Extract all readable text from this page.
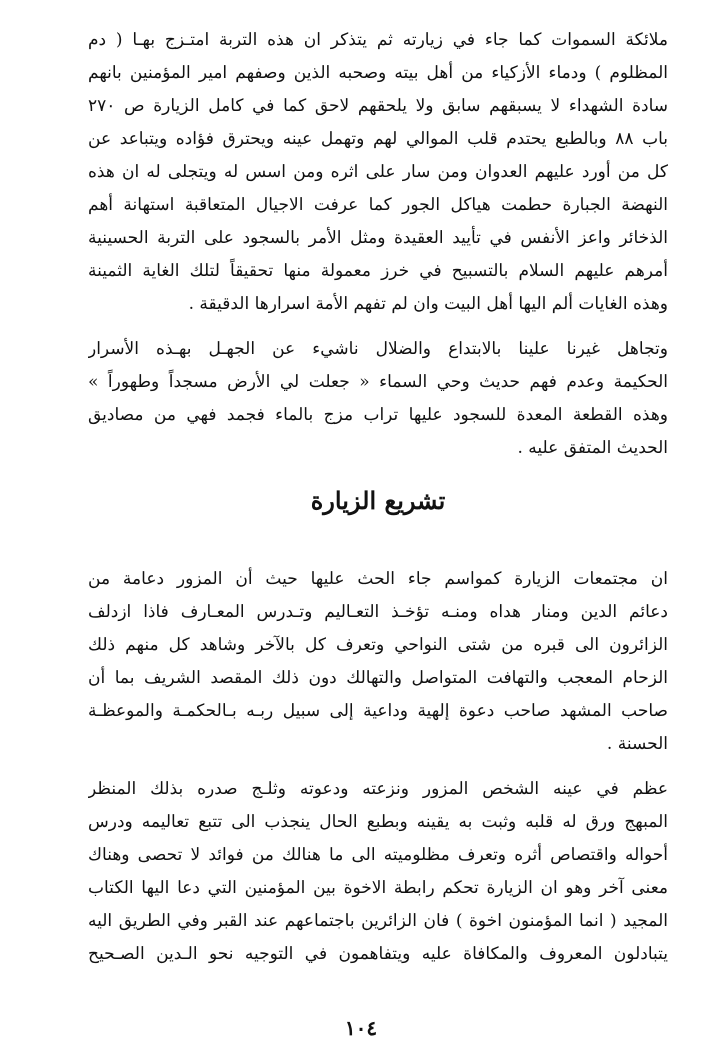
ملائكة السموات كما جاء في زيارته ثم يتذكر ان هذه التربة امتـزج بهـا ( دم
المظلوم ) ودماء الأزكياء من أهل بيته وصحبه الذين وصفهم امير المؤمنين بانهم
سادة الشهداء لا يسبقهم سابق ولا يلحقهم لاحق كما في كامل الزيارة ص ٢٧٠
باب ٨٨ وبالطبع يحتدم قلب الموالي لهم وتهمل عينه ويحترق فؤاده ويتباعد عن
كل من أورد عليهم العدوان ومن سار على اثره ومن اسس له ويتجلى له ان هذه
النهضة الجبارة حطمت هياكل الجور كما عرفت الاجيال المتعاقبة استهانة أهم
الذخائر واعز الأنفس في تأييد العقيدة ومثل الأمر بالسجود على التربة الحسينية
أمرهم عليهم السلام بالتسبيح في خرز معمولة منها تحقيقاً لتلك الغاية الثمينة
وهذه الغايات ألم اليها أهل البيت وان لم تفهم الأمة اسرارها الدقيقة .
وتجاهل غيرنا علينا بالابتداع والضلال ناشيء عن الجهـل بهـذه الأسرار
الحكيمة وعدم فهم حديث وحي السماء « جعلت لي الأرض مسجداً وطهوراً »
وهذه القطعة المعدة للسجود عليها تراب مزج بالماء فجمد فهي من مصاديق
الحديث المتفق عليه .
تشريع الزيارة
ان مجتمعات الزيارة كمواسم جاء الحث عليها حيث أن المزور دعامة من
دعائم الدين ومنار هداه ومنـه تؤخـذ التعـاليم وتـدرس المعـارف فاذا ازدلف
الزائرون الى قبره من شتى النواحي وتعرف كل بالآخر وشاهد كل منهم ذلك
الزحام المعجب والتهافت المتواصل والتهالك دون ذلك المقصد الشريف بما أن
صاحب المشهد صاحب دعوة إلهية وداعية إلى سبيل ربـه بـالحكمـة والموعظـة
الحسنة .
عظم في عينه الشخص المزور ونزعته ودعوته وثلـج صدره بذلك المنظر
المبهج ورق له قلبه وثبت به يقينه وبطبع الحال ينجذب الى تتبع تعاليمه ودرس
أحواله واقتصاص أثره وتعرف مظلوميته الى ما هنالك من فوائد لا تحصى وهناك
معنى آخر وهو ان الزيارة تحكم رابطة الاخوة بين المؤمنين التي دعا اليها الكتاب
المجيد ( انما المؤمنون اخوة ) فان الزائرين باجتماعهم عند القبر وفي الطريق اليه
يتبادلون المعروف والمكافاة عليه ويتفاهمون في التوجيه نحو الـدين الصـحيح
١٠٤
